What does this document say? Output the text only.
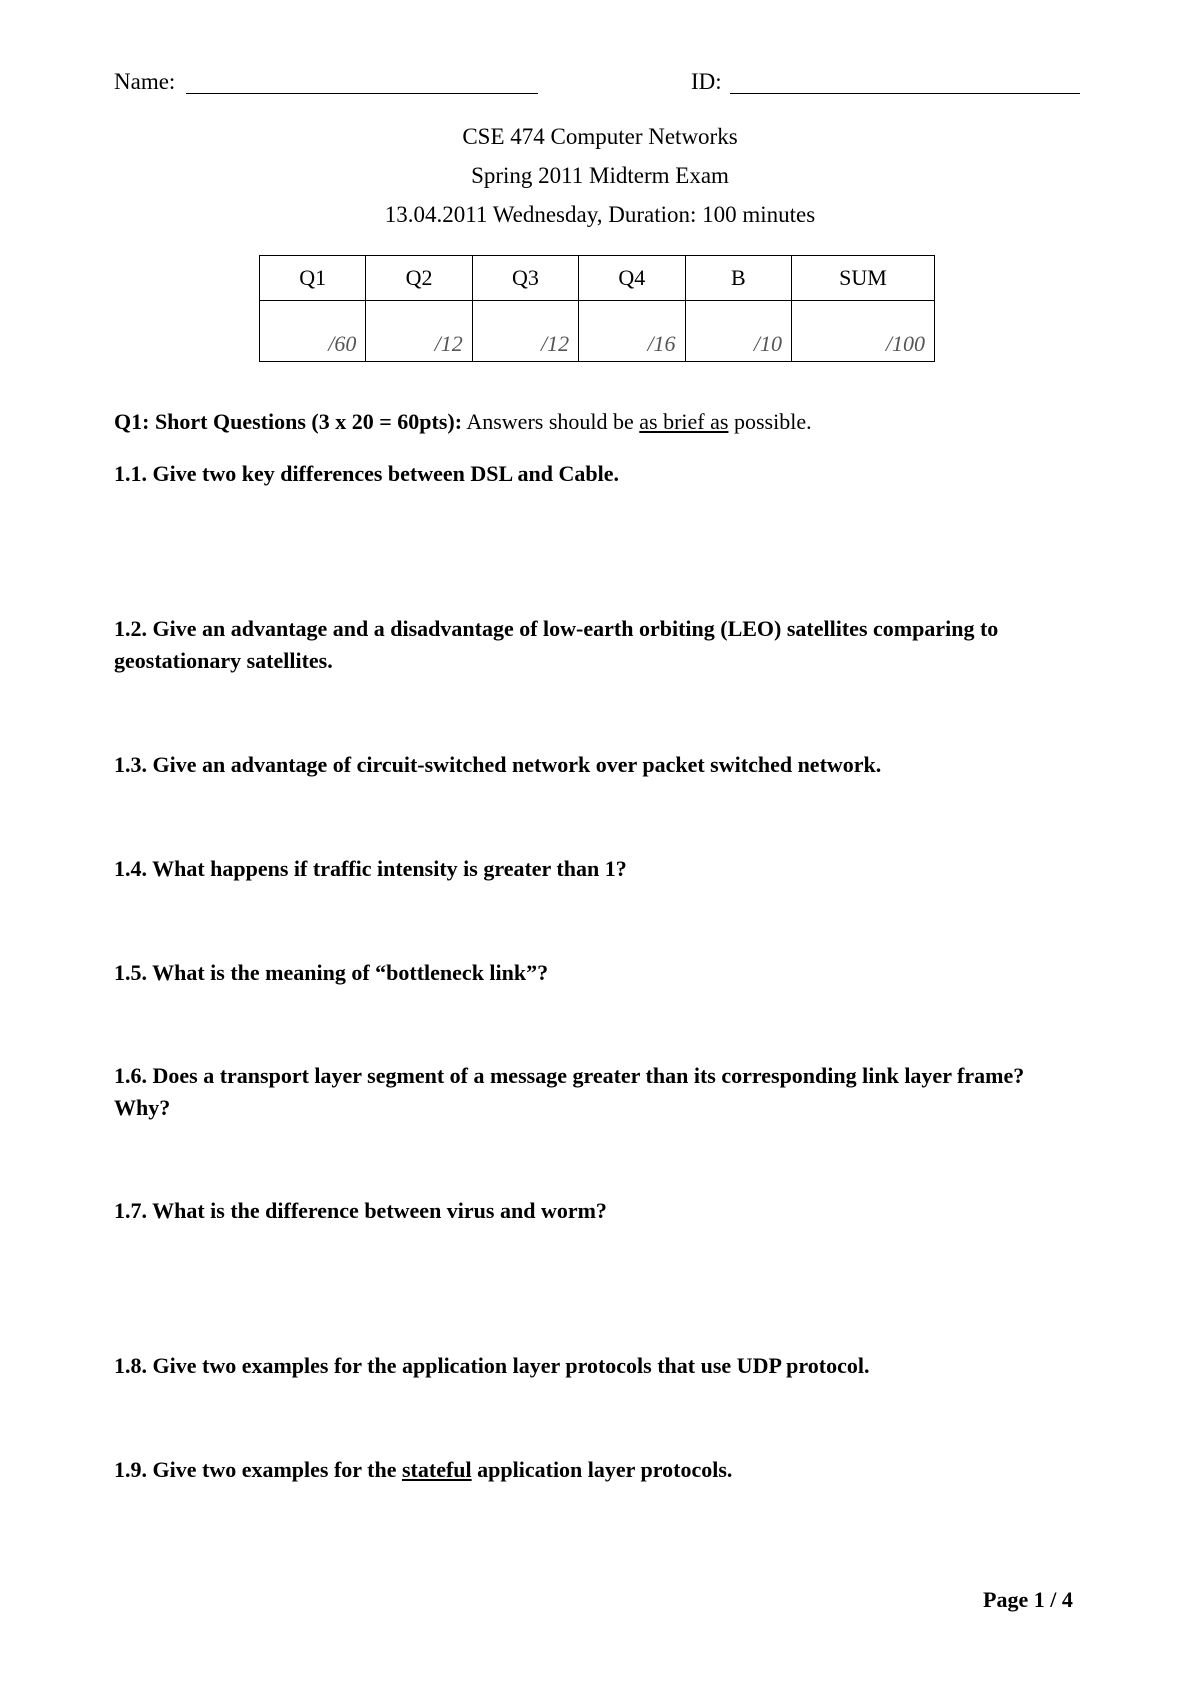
Name:	ID:
CSE 474 Computer Networks
Spring 2011 Midterm Exam
13.04.2011 Wednesday, Duration: 100 minutes
Q1	Q2	Q3	Q4	B	SUM
/60	/12	/12	/16	/10	/100
Q1: Short Questions (3 x 20 = 60pts): Answers should be as brief as possible.
1.1. Give two key differences between DSL and Cable.
1.2. Give an advantage and a disadvantage of low-earth orbiting (LEO) satellites comparing to geostationary satellites.
1.3. Give an advantage of circuit-switched network over packet switched network.
1.4. What happens if traffic intensity is greater than 1?
1.5. What is the meaning of “bottleneck link”?
1.6. Does a transport layer segment of a message greater than its corresponding link layer frame? Why?
1.7. What is the difference between virus and worm?
1.8. Give two examples for the application layer protocols that use UDP protocol.
1.9. Give two examples for the stateful application layer protocols.
Page 1 / 4
